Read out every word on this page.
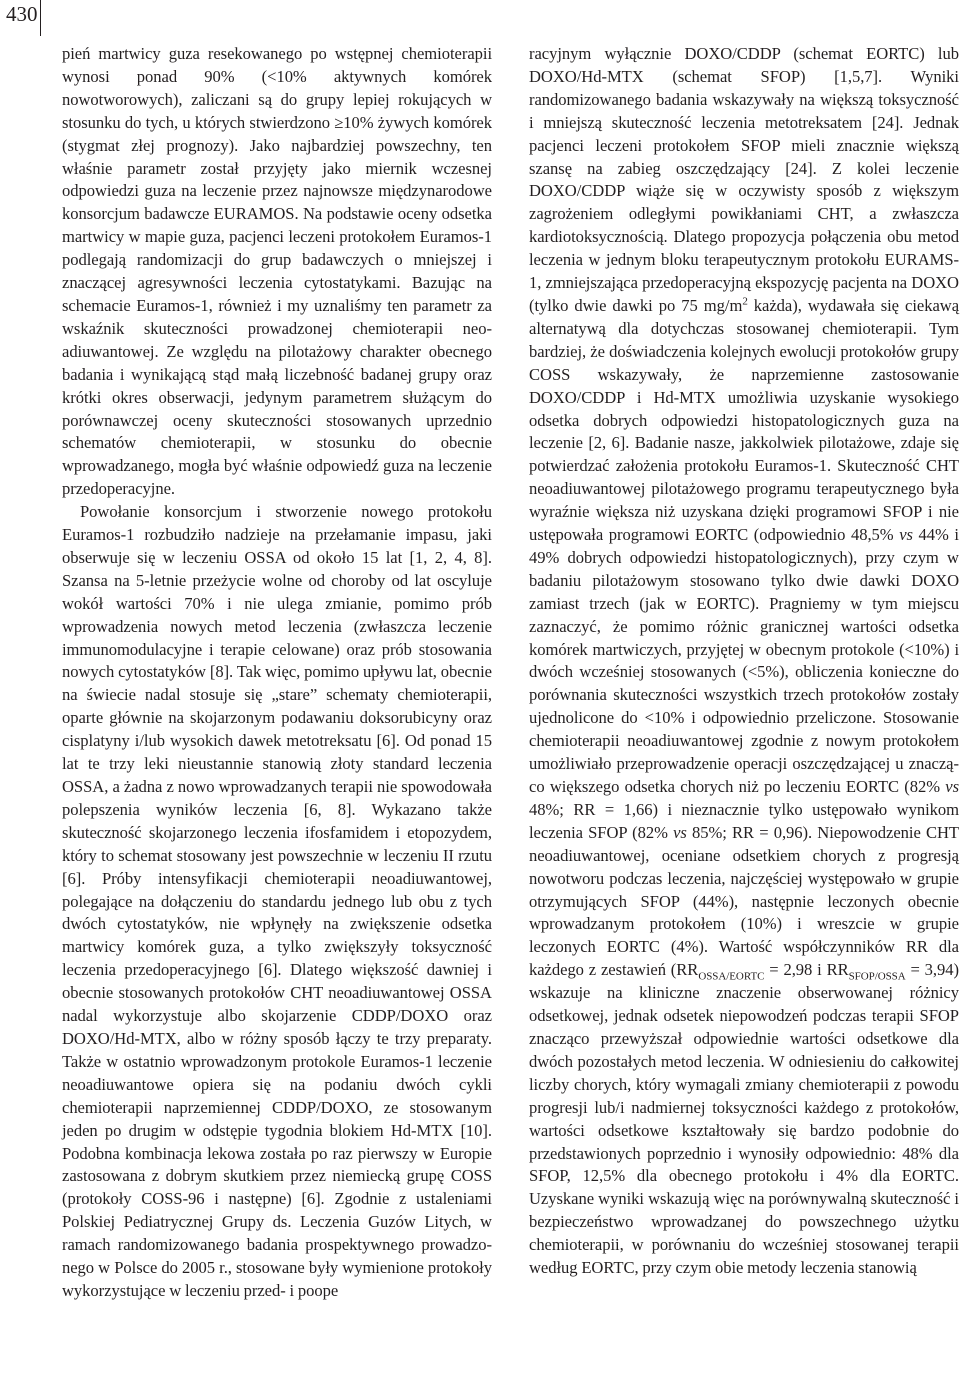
430

pień martwicy guza resekowanego po wstępnej chemioterapii wynosi ponad 90% (<10% aktywnych komórek nowotworowych), zaliczani są do grupy lepiej rokujących w stosunku do tych, u których stwierdzono ≥10% żywych komórek (stygmat złej prognozy). Jako najbardziej powszechny, ten właśnie parametr został przyjęty jako miernik wczesnej odpowiedzi guza na leczenie przez najnowsze międzynarodowe konsorcjum badawcze EURAMOS. Na podstawie oceny odsetka martwicy w mapie guza, pacjenci leczeni protokołem Euramos-1 podlegają randomizacji do grup badawczych o mniejszej i znaczącej agresywności leczenia cytostatykami. Bazując na schemacie Euramos-1, również i my uznaliśmy ten parametr za wskaźnik skuteczności prowadzonej chemioterapii neoadiuwantowej. Ze względu na pilotażowy charakter obecnego badania i wynikającą stąd małą liczebność badanej grupy oraz krótki okres obserwacji, jedynym parametrem służącym do porównawczej oceny skuteczności stosowanych uprzednio schematów chemioterapii, w stosunku do obecnie wprowadzanego, mogła być właśnie odpowiedź guza na leczenie przedoperacyjne.

Powołanie konsorcjum i stworzenie nowego protokołu Euramos-1 rozbudziło nadzieje na przełamanie impasu, jaki obserwuje się w leczeniu OSSA od około 15 lat [1, 2, 4, 8]. Szansa na 5-letnie przeżycie wolne od choroby od lat oscyluje wokół wartości 70% i nie ulega zmianie, pomimo prób wprowadzenia nowych metod leczenia (zwłaszcza leczenie immunomodulacyjne i terapie celowane) oraz prób stosowania nowych cytostatyków [8]. Tak więc, pomimo upływu lat, obecnie na świecie nadal stosuje się „stare” schematy chemioterapii, oparte głównie na skojarzonym podawaniu doksorubicyny oraz cisplatyny i/lub wysokich dawek metotreksatu [6]. Od ponad 15 lat te trzy leki nieustannie stanowią złoty standard leczenia OSSA, a żadna z nowo wprowadzanych terapii nie spowodowała polepszenia wyników leczenia [6, 8]. Wykazano także skuteczność skojarzonego leczenia ifosfamidem i etopozydem, który to schemat stosowany jest powszechnie w leczeniu II rzutu [6]. Próby intensyfikacji chemioterapii neoadiuwantowej, polegające na dołączeniu do standardu jednego lub obu z tych dwóch cytostatyków, nie wpłynęły na zwiększenie odsetka martwicy komórek guza, a tylko zwiększyły toksyczność leczenia przedoperacyjnego [6]. Dlatego większość dawniej i obecnie stosowanych protokołów CHT neoadiuwantowej OSSA nadal wykorzystuje albo skojarzenie CDDP/DOXO oraz DOXO/Hd-MTX, albo w różny sposób łączy te trzy preparaty. Także w ostatnio wprowadzonym protokole Euramos-1 leczenie neoadiuwantowe opiera się na podaniu dwóch cykli chemioterapii naprzemiennej CDDP/DOXO, ze stosowanym jeden po drugim w odstępie tygodnia blokiem Hd-MTX [10]. Podobna kombinacja lekowa została po raz pierwszy w Europie zastosowana z dobrym skutkiem przez niemiecką grupę COSS (protokoły COSS-96 i następne) [6]. Zgodnie z ustaleniami Polskiej Pediatrycznej Grupy ds. Leczenia Guzów Litych, w ramach randomizowanego badania prospektywnego prowadzonego w Polsce do 2005 r., stosowane były wymienione protokoły wykorzystujące w leczeniu przed- i poope

racyjnym wyłącznie DOXO/CDDP (schemat EORTC) lub DOXO/Hd-MTX (schemat SFOP) [1,5,7]. Wyniki randomizowanego badania wskazywały na większą toksyczność i mniejszą skuteczność leczenia metotreksatem [24]. Jednak pacjenci leczeni protokołem SFOP mieli znacznie większą szansę na zabieg oszczędzający [24]. Z kolei leczenie DOXO/CDDP wiąże się w oczywisty sposób z większym zagrożeniem odległymi powikłaniami CHT, a zwłaszcza kardiotoksycznością. Dlatego propozycja połączenia obu metod leczenia w jednym bloku terapeutycznym protokołu EURAMS-1, zmniejszająca przedoperacyjną ekspozycję pacjenta na DOXO (tylko dwie dawki po 75 $mg/m^2$ każda), wydawała się ciekawą alternatywą dla dotychczas stosowanej chemioterapii. Tym bardziej, że doświadczenia kolejnych ewolucji protokołów grupy COSS wskazywały, że naprzemienne zastosowanie DOXO/CDDP i Hd-MTX umożliwia uzyskanie wysokiego odsetka dobrych odpowiedzi histopatologicznych guza na leczenie [2, 6]. Badanie nasze, jakkolwiek pilotażowe, zdaje się potwierdzać założenia protokołu Euramos-1. Skuteczność CHT neoadiuwantowej pilotażowego programu terapeutycznego była wyraźnie większa niż uzyskana dzięki programowi SFOP i nie ustępowała programowi EORTC (odpowiednio 48,5% vs 44% i 49% dobrych odpowiedzi histopatologicznych), przy czym w badaniu pilotażowym stosowano tylko dwie dawki DOXO zamiast trzech (jak w EORTC). Pragniemy w tym miejscu zaznaczyć, że pomimo różnic granicznej wartości odsetka komórek martwiczych, przyjętej w obecnym protokole (<10%) i dwóch wcześniej stosowanych (<5%), obliczenia konieczne do porównania skuteczności wszystkich trzech protokołów zostały ujednolicone do <10% i odpowiednio przeliczone. Stosowanie chemioterapii neoadiuwantowej zgodnie z nowym protokołem umożliwiało przeprowadzenie operacji oszczędzającej u znacząco większego odsetka chorych niż po leczeniu EORTC (82% vs 48%; RR = 1,66) i nieznacznie tylko ustępowało wynikom leczenia SFOP (82% vs 85%; RR = 0,96). Niepowodzenie CHT neoadiuwantowej, oceniane odsetkiem chorych z progresją nowotworu podczas leczenia, najczęściej występowało w grupie otrzymujących SFOP (44%), następnie leczonych obecnie wprowadzanym protokołem (10%) i wreszcie w grupie leczonych EORTC (4%). Wartość współczynników RR dla każdego z zestawień ($RR_{OSSA/EORTC} = 2,98$ i $RR_{SFOP/OSSA} = 3,94$) wskazuje na kliniczne znaczenie obserwowanej różnicy odsetkowej, jednak odsetek niepowodzeń podczas terapii SFOP znacząco przewyższał odpowiednie wartości odsetkowe dla dwóch pozostałych metod leczenia. W odniesieniu do całkowitej liczby chorych, który wymagali zmiany chemioterapii z powodu progresji lub/i nadmiernej toksyczności każdego z protokołów, wartości odsetkowe kształtowały się bardzo podobnie do przedstawionych poprzednio i wynosiły odpowiednio: 48% dla SFOP, 12,5% dla obecnego protokołu i 4% dla EORTC. Uzyskane wyniki wskazują więc na porównywalną skuteczność i bezpieczeństwo wprowadzanej do powszechnego użytku chemioterapii, w porównaniu do wcześniej stosowanej terapii według EORTC, przy czym obie metody leczenia stanowią
